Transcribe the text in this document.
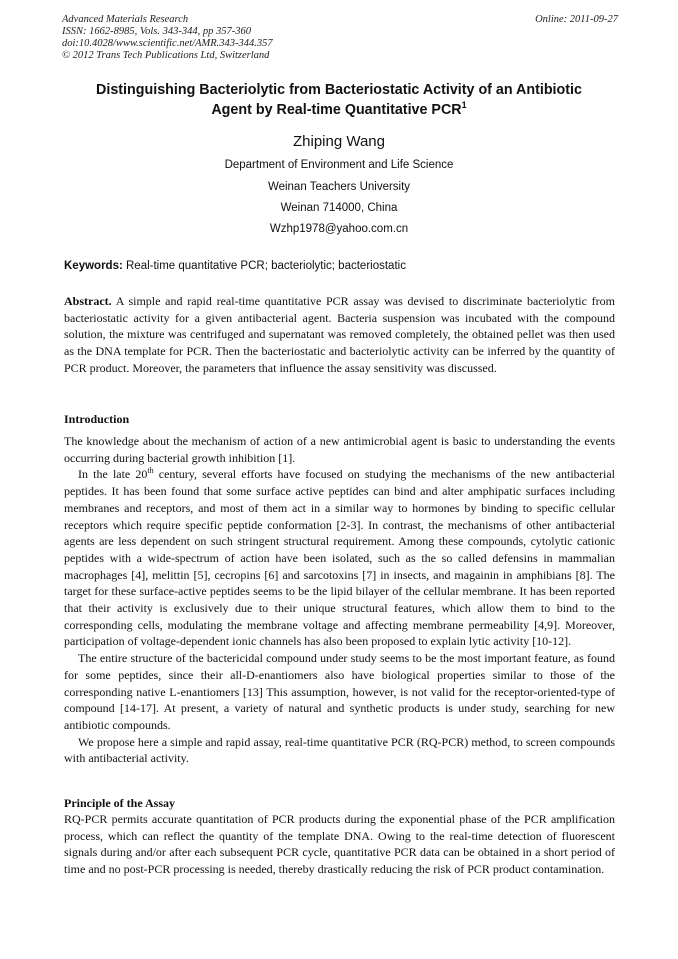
Advanced Materials Research
ISSN: 1662-8985, Vols. 343-344, pp 357-360
doi:10.4028/www.scientific.net/AMR.343-344.357
© 2012 Trans Tech Publications Ltd, Switzerland
Online: 2011-09-27
Distinguishing Bacteriolytic from Bacteriostatic Activity of an Antibiotic
Agent by Real-time Quantitative PCR$^1$
Zhiping Wang
Department of Environment and Life Science
Weinan Teachers University
Weinan 714000, China
Wzhp1978@yahoo.com.cn
Keywords: Real-time quantitative PCR; bacteriolytic; bacteriostatic

Abstract. A simple and rapid real-time quantitative PCR assay was devised to discriminate bacteriolytic from bacteriostatic activity for a given antibacterial agent. Bacteria suspension was incubated with the compound solution, the mixture was centrifuged and supernatant was removed completely, the obtained pellet was then used as the DNA template for PCR. Then the bacteriostatic and bacteriolytic activity can be inferred by the quantity of PCR product. Moreover, the parameters that influence the assay sensitivity was discussed.

Introduction

The knowledge about the mechanism of action of a new antimicrobial agent is basic to understanding the events occurring during bacterial growth inhibition [1].

In the late 20th century, several efforts have focused on studying the mechanisms of the new antibacterial peptides. It has been found that some surface active peptides can bind and alter amphipatic surfaces including membranes and receptors, and most of them act in a similar way to hormones by binding to specific cellular receptors which require specific peptide conformation [2-3]. In contrast, the mechanisms of other antibacterial agents are less dependent on such stringent structural requirement. Among these compounds, cytolytic cationic peptides with a wide-spectrum of action have been isolated, such as the so called defensins in mammalian macrophages [4], melittin [5], cecropins [6] and sarcotoxins [7] in insects, and magainin in amphibians [8]. The target for these surface-active peptides seems to be the lipid bilayer of the cellular membrane. It has been reported that their activity is exclusively due to their unique structural features, which allow them to bind to the corresponding cells, modulating the membrane voltage and affecting membrane permeability [4,9]. Moreover, participation of voltage-dependent ionic channels has also been proposed to explain lytic activity [10-12].

The entire structure of the bactericidal compound under study seems to be the most important feature, as found for some peptides, since their all-D-enantiomers also have biological properties similar to those of the corresponding native L-enantiomers [13] This assumption, however, is not valid for the receptor-oriented-type of compound [14-17]. At present, a variety of natural and synthetic products is under study, searching for new antibiotic compounds.

We propose here a simple and rapid assay, real-time quantitative PCR (RQ-PCR) method, to screen compounds with antibacterial activity.

Principle of the Assay

RQ-PCR permits accurate quantitation of PCR products during the exponential phase of the PCR amplification process, which can reflect the quantity of the template DNA. Owing to the real-time detection of fluorescent signals during and/or after each subsequent PCR cycle, quantitative PCR data can be obtained in a short period of time and no post-PCR processing is needed, thereby drastically reducing the risk of PCR product contamination.
